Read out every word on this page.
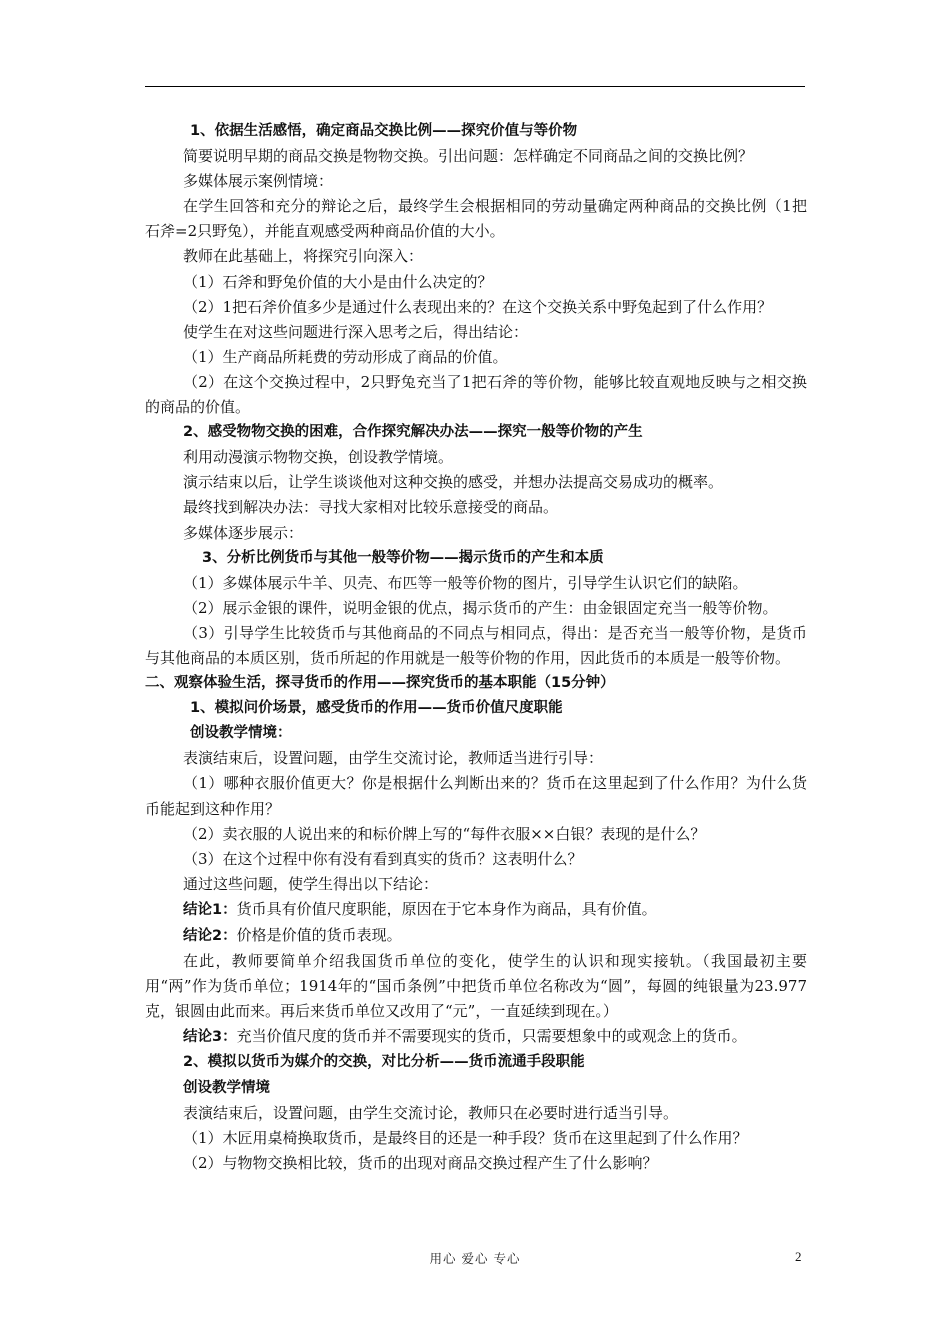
1、依据生活感悟，确定商品交换比例——探究价值与等价物

简要说明早期的商品交换是物物交换。引出问题：怎样确定不同商品之间的交换比例？

多媒体展示案例情境：

在学生回答和充分的辩论之后，最终学生会根据相同的劳动量确定两种商品的交换比例（1把石斧=2只野兔），并能直观感受两种商品价值的大小。

教师在此基础上，将探究引向深入：

（1）石斧和野兔价值的大小是由什么决定的？

（2）1把石斧价值多少是通过什么表现出来的？在这个交换关系中野兔起到了什么作用？

使学生在对这些问题进行深入思考之后，得出结论：

（1）生产商品所耗费的劳动形成了商品的价值。

（2）在这个交换过程中，2只野兔充当了1把石斧的等价物，能够比较直观地反映与之相交换的商品的价值。

2、感受物物交换的困难，合作探究解决办法——探究一般等价物的产生

利用动漫演示物物交换，创设教学情境。

演示结束以后，让学生谈谈他对这种交换的感受，并想办法提高交易成功的概率。

最终找到解决办法：寻找大家相对比较乐意接受的商品。

多媒体逐步展示：

3、分析比例货币与其他一般等价物——揭示货币的产生和本质

（1）多媒体展示牛羊、贝壳、布匹等一般等价物的图片，引导学生认识它们的缺陷。

（2）展示金银的课件，说明金银的优点，揭示货币的产生：由金银固定充当一般等价物。

（3）引导学生比较货币与其他商品的不同点与相同点，得出：是否充当一般等价物，是货币与其他商品的本质区别，货币所起的作用就是一般等价物的作用，因此货币的本质是一般等价物。

二、观察体验生活，探寻货币的作用——探究货币的基本职能（15分钟）

1、模拟问价场景，感受货币的作用——货币价值尺度职能

创设教学情境：

表演结束后，设置问题，由学生交流讨论，教师适当进行引导：

（1）哪种衣服价值更大？你是根据什么判断出来的？货币在这里起到了什么作用？为什么货币能起到这种作用？

（2）卖衣服的人说出来的和标价牌上写的“每件衣服××白银？表现的是什么？

（3）在这个过程中你有没有看到真实的货币？这表明什么？

通过这些问题，使学生得出以下结论：

结论1：货币具有价值尺度职能，原因在于它本身作为商品，具有价值。

结论2：价格是价值的货币表现。

在此，教师要简单介绍我国货币单位的变化，使学生的认识和现实接轨。（我国最初主要用“两”作为货币单位；1914年的“国币条例”中把货币单位名称改为“圆”，每圆的纯银量为23.977克，银圆由此而来。再后来货币单位又改用了“元”，一直延续到现在。）

结论3：充当价值尺度的货币并不需要现实的货币，只需要想象中的或观念上的货币。

2、模拟以货币为媒介的交换，对比分析——货币流通手段职能

创设教学情境

表演结束后，设置问题，由学生交流讨论，教师只在必要时进行适当引导。

（1）木匠用桌椅换取货币，是最终目的还是一种手段？货币在这里起到了什么作用？

（2）与物物交换相比较，货币的出现对商品交换过程产生了什么影响？

用心 爱心 专心	2
